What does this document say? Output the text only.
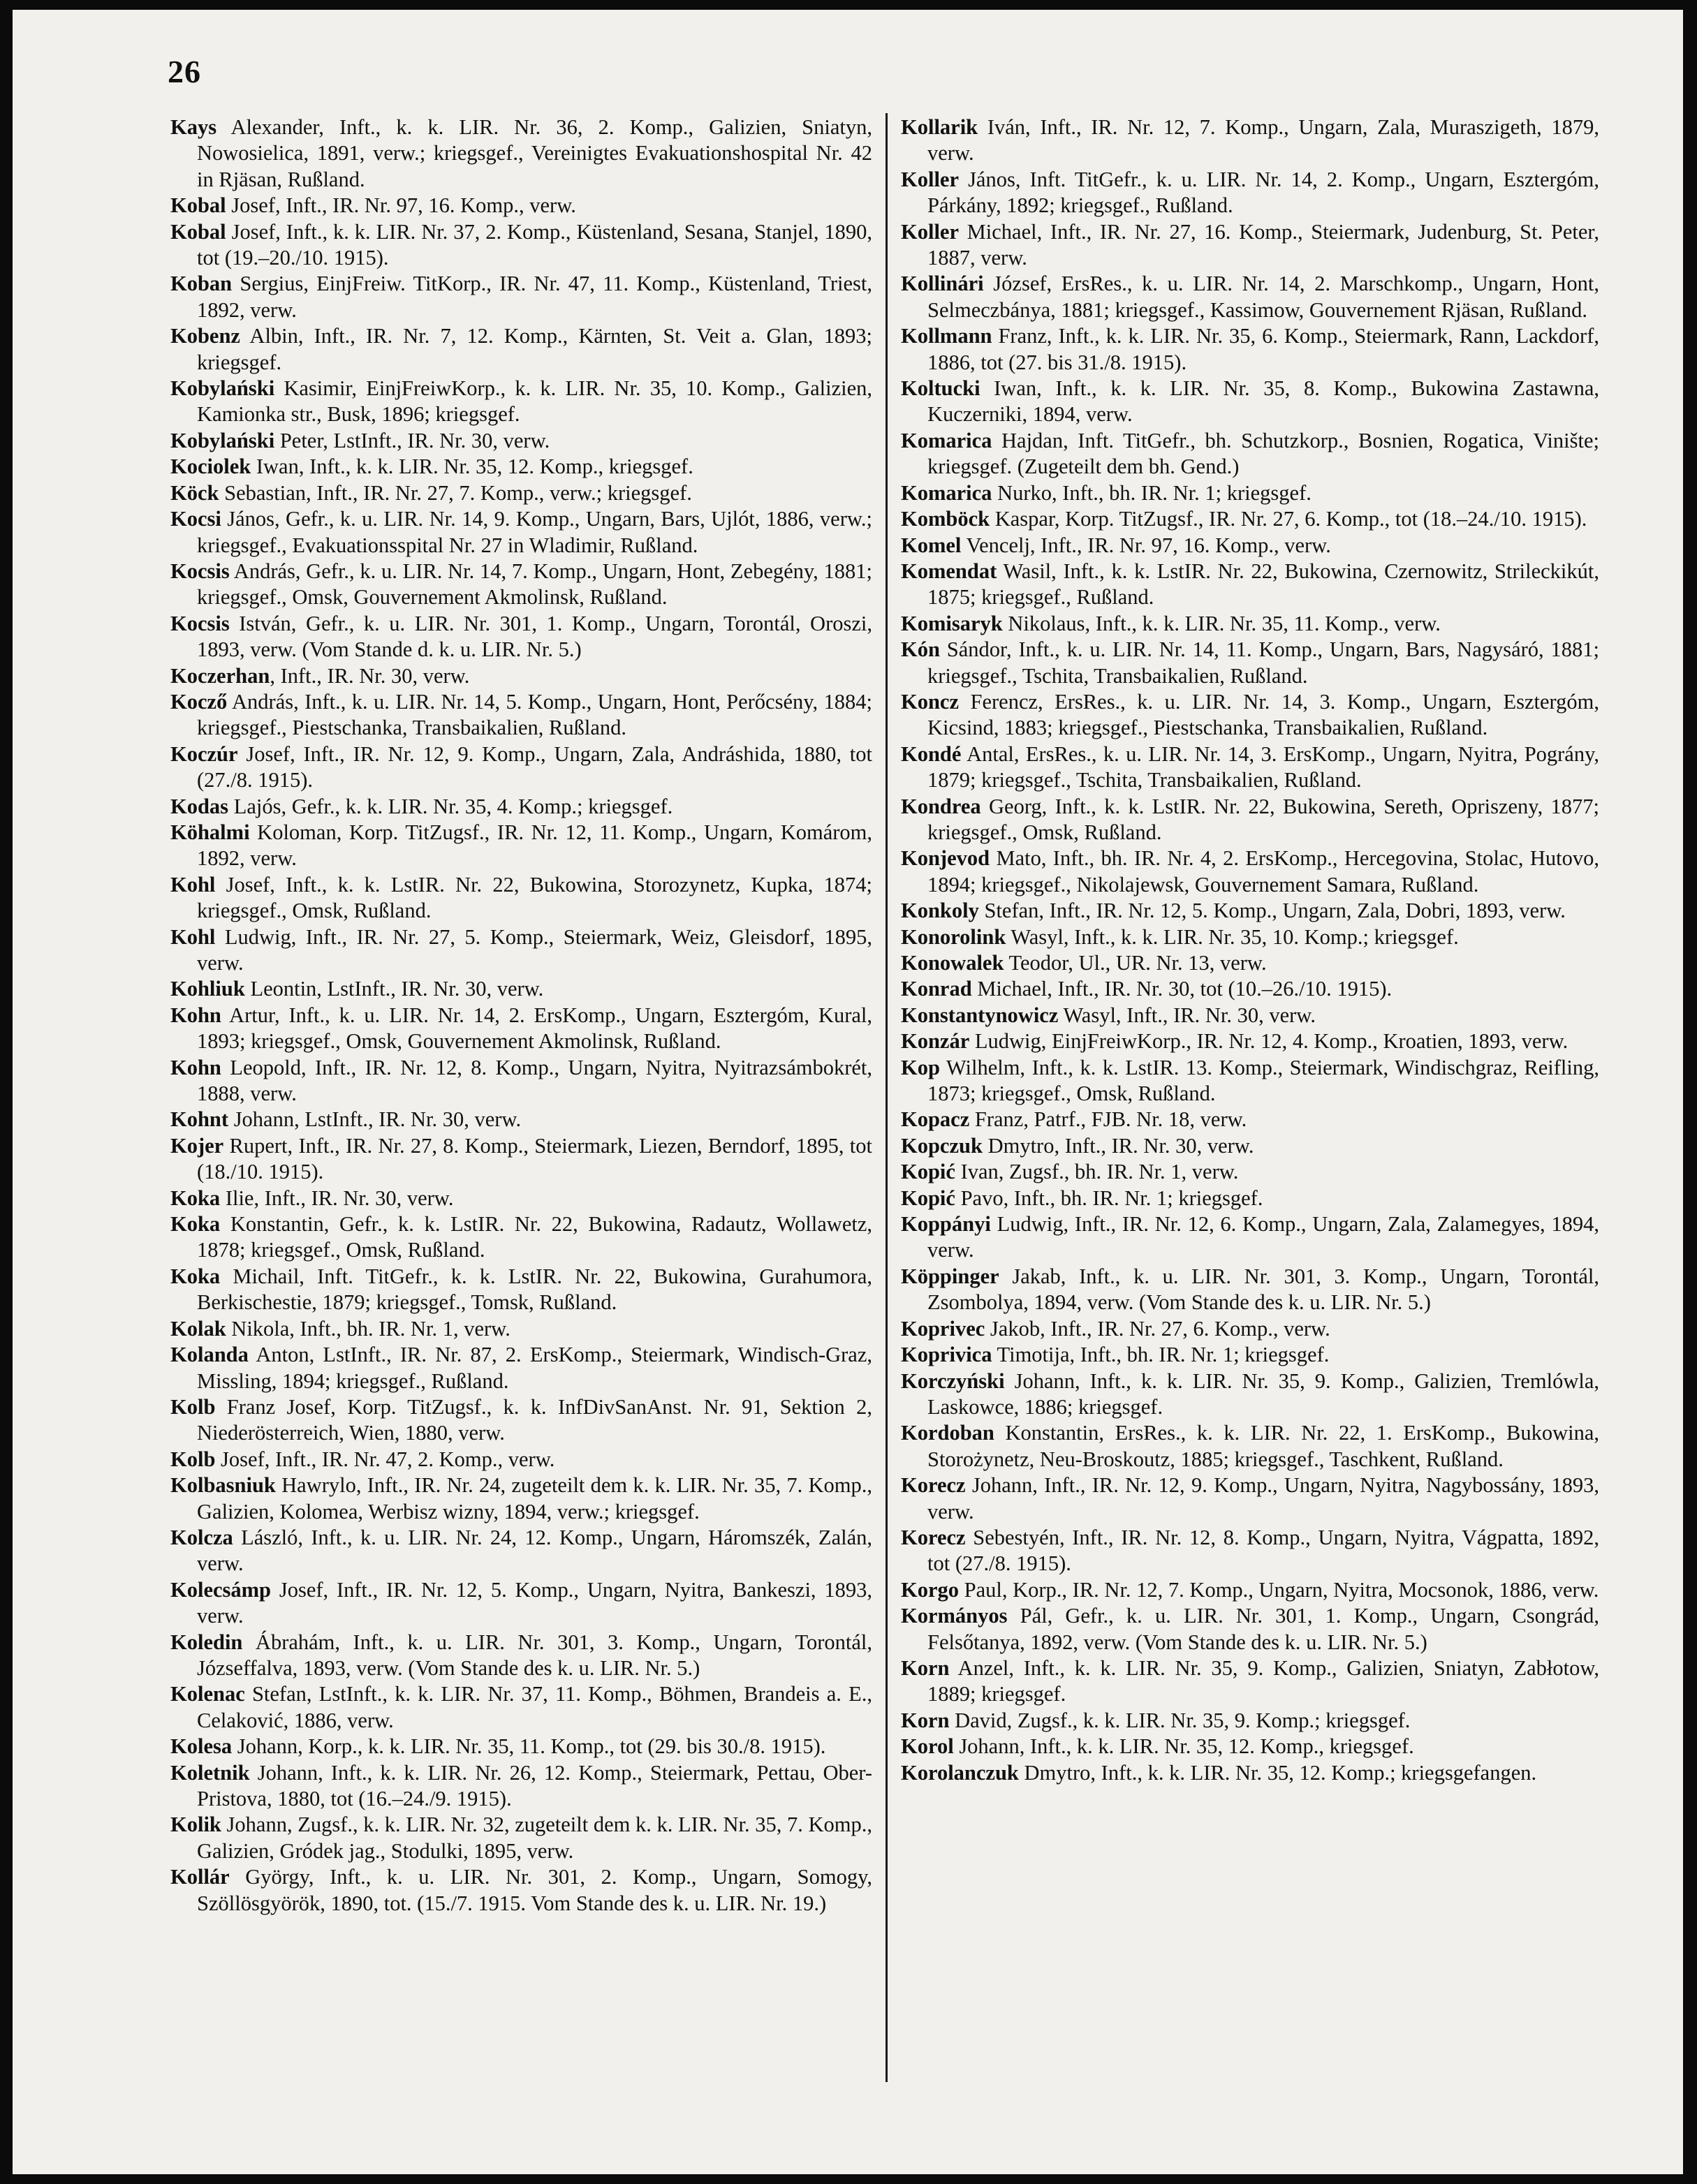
26

Kays Alexander, Inft., k. k. LIR. Nr. 36, 2. Komp., Galizien, Sniatyn, Nowosielica, 1891, verw.; kriegsgef., Vereinigtes Evakuationshospital Nr. 42 in Rjäsan, Rußland.

Kobal Josef, Inft., IR. Nr. 97, 16. Komp., verw.

Kobal Josef, Inft., k. k. LIR. Nr. 37, 2. Komp., Küstenland, Sesana, Stanjel, 1890, tot (19.–20./10. 1915).

Koban Sergius, EinjFreiw. TitKorp., IR. Nr. 47, 11. Komp., Küstenland, Triest, 1892, verw.

Kobenz Albin, Inft., IR. Nr. 7, 12. Komp., Kärnten, St. Veit a. Glan, 1893; kriegsgef.

Kobylański Kasimir, EinjFreiwKorp., k. k. LIR. Nr. 35, 10. Komp., Galizien, Kamionka str., Busk, 1896; kriegsgef.

Kobylański Peter, LstInft., IR. Nr. 30, verw.

Kociolek Iwan, Inft., k. k. LIR. Nr. 35, 12. Komp., kriegsgef.

Köck Sebastian, Inft., IR. Nr. 27, 7. Komp., verw.; kriegsgef.

Kocsi János, Gefr., k. u. LIR. Nr. 14, 9. Komp., Ungarn, Bars, Ujlót, 1886, verw.; kriegsgef., Evakuationsspital Nr. 27 in Wladimir, Rußland.

Kocsis András, Gefr., k. u. LIR. Nr. 14, 7. Komp., Ungarn, Hont, Zebegény, 1881; kriegsgef., Omsk, Gouvernement Akmolinsk, Rußland.

Kocsis István, Gefr., k. u. LIR. Nr. 301, 1. Komp., Ungarn, Torontál, Oroszi, 1893, verw. (Vom Stande d. k. u. LIR. Nr. 5.)

Koczerhan, Inft., IR. Nr. 30, verw.

Kocző András, Inft., k. u. LIR. Nr. 14, 5. Komp., Ungarn, Hont, Perőcsény, 1884; kriegsgef., Piestschanka, Transbaikalien, Rußland.

Koczúr Josef, Inft., IR. Nr. 12, 9. Komp., Ungarn, Zala, Andráshida, 1880, tot (27./8. 1915).

Kodas Lajós, Gefr., k. k. LIR. Nr. 35, 4. Komp.; kriegsgef.

Köhalmi Koloman, Korp. TitZugsf., IR. Nr. 12, 11. Komp., Ungarn, Komárom, 1892, verw.

Kohl Josef, Inft., k. k. LstIR. Nr. 22, Bukowina, Storozynetz, Kupka, 1874; kriegsgef., Omsk, Rußland.

Kohl Ludwig, Inft., IR. Nr. 27, 5. Komp., Steiermark, Weiz, Gleisdorf, 1895, verw.

Kohliuk Leontin, LstInft., IR. Nr. 30, verw.

Kohn Artur, Inft., k. u. LIR. Nr. 14, 2. ErsKomp., Ungarn, Esztergóm, Kural, 1893; kriegsgef., Omsk, Gouvernement Akmolinsk, Rußland.

Kohn Leopold, Inft., IR. Nr. 12, 8. Komp., Ungarn, Nyitra, Nyitrazsámbokrét, 1888, verw.

Kohnt Johann, LstInft., IR. Nr. 30, verw.

Kojer Rupert, Inft., IR. Nr. 27, 8. Komp., Steiermark, Liezen, Berndorf, 1895, tot (18./10. 1915).

Koka Ilie, Inft., IR. Nr. 30, verw.

Koka Konstantin, Gefr., k. k. LstIR. Nr. 22, Bukowina, Radautz, Wollawetz, 1878; kriegsgef., Omsk, Rußland.

Koka Michail, Inft. TitGefr., k. k. LstIR. Nr. 22, Bukowina, Gurahumora, Berkischestie, 1879; kriegsgef., Tomsk, Rußland.

Kolak Nikola, Inft., bh. IR. Nr. 1, verw.

Kolanda Anton, LstInft., IR. Nr. 87, 2. ErsKomp., Steiermark, Windisch-Graz, Missling, 1894; kriegsgef., Rußland.

Kolb Franz Josef, Korp. TitZugsf., k. k. InfDivSanAnst. Nr. 91, Sektion 2, Niederösterreich, Wien, 1880, verw.

Kolb Josef, Inft., IR. Nr. 47, 2. Komp., verw.

Kolbasniuk Hawrylo, Inft., IR. Nr. 24, zugeteilt dem k. k. LIR. Nr. 35, 7. Komp., Galizien, Kolomea, Werbisz wizny, 1894, verw.; kriegsgef.

Kolcza László, Inft., k. u. LIR. Nr. 24, 12. Komp., Ungarn, Háromszék, Zalán, verw.

Kolecsámp Josef, Inft., IR. Nr. 12, 5. Komp., Ungarn, Nyitra, Bankeszi, 1893, verw.

Koledin Ábrahám, Inft., k. u. LIR. Nr. 301, 3. Komp., Ungarn, Torontál, Józseffalva, 1893, verw. (Vom Stande des k. u. LIR. Nr. 5.)

Kolenac Stefan, LstInft., k. k. LIR. Nr. 37, 11. Komp., Böhmen, Brandeis a. E., Celaković, 1886, verw.

Kolesa Johann, Korp., k. k. LIR. Nr. 35, 11. Komp., tot (29. bis 30./8. 1915).

Koletnik Johann, Inft., k. k. LIR. Nr. 26, 12. Komp., Steiermark, Pettau, Ober-Pristova, 1880, tot (16.–24./9. 1915).

Kolik Johann, Zugsf., k. k. LIR. Nr. 32, zugeteilt dem k. k. LIR. Nr. 35, 7. Komp., Galizien, Gródek jag., Stodulki, 1895, verw.

Kollár György, Inft., k. u. LIR. Nr. 301, 2. Komp., Ungarn, Somogy, Szöllösgyörök, 1890, tot. (15./7. 1915. Vom Stande des k. u. LIR. Nr. 19.)

Kollarik Iván, Inft., IR. Nr. 12, 7. Komp., Ungarn, Zala, Muraszigeth, 1879, verw.

Koller János, Inft. TitGefr., k. u. LIR. Nr. 14, 2. Komp., Ungarn, Esztergóm, Párkány, 1892; kriegsgef., Rußland.

Koller Michael, Inft., IR. Nr. 27, 16. Komp., Steiermark, Judenburg, St. Peter, 1887, verw.

Kollinári József, ErsRes., k. u. LIR. Nr. 14, 2. Marschkomp., Ungarn, Hont, Selmeczbánya, 1881; kriegsgef., Kassimow, Gouvernement Rjäsan, Rußland.

Kollmann Franz, Inft., k. k. LIR. Nr. 35, 6. Komp., Steiermark, Rann, Lackdorf, 1886, tot (27. bis 31./8. 1915).

Koltucki Iwan, Inft., k. k. LIR. Nr. 35, 8. Komp., Bukowina Zastawna, Kuczerniki, 1894, verw.

Komarica Hajdan, Inft. TitGefr., bh. Schutzkorp., Bosnien, Rogatica, Vinište; kriegsgef. (Zugeteilt dem bh. Gend.)

Komarica Nurko, Inft., bh. IR. Nr. 1; kriegsgef.

Komböck Kaspar, Korp. TitZugsf., IR. Nr. 27, 6. Komp., tot (18.–24./10. 1915).

Komel Vencelj, Inft., IR. Nr. 97, 16. Komp., verw.

Komendat Wasil, Inft., k. k. LstIR. Nr. 22, Bukowina, Czernowitz, Strileckikút, 1875; kriegsgef., Rußland.

Komisaryk Nikolaus, Inft., k. k. LIR. Nr. 35, 11. Komp., verw.

Kón Sándor, Inft., k. u. LIR. Nr. 14, 11. Komp., Ungarn, Bars, Nagysáró, 1881; kriegsgef., Tschita, Transbaikalien, Rußland.

Koncz Ferencz, ErsRes., k. u. LIR. Nr. 14, 3. Komp., Ungarn, Esztergóm, Kicsind, 1883; kriegsgef., Piestschanka, Transbaikalien, Rußland.

Kondé Antal, ErsRes., k. u. LIR. Nr. 14, 3. ErsKomp., Ungarn, Nyitra, Pográny, 1879; kriegsgef., Tschita, Transbaikalien, Rußland.

Kondrea Georg, Inft., k. k. LstIR. Nr. 22, Bukowina, Sereth, Opriszeny, 1877; kriegsgef., Omsk, Rußland.

Konjevod Mato, Inft., bh. IR. Nr. 4, 2. ErsKomp., Hercegovina, Stolac, Hutovo, 1894; kriegsgef., Nikolajewsk, Gouvernement Samara, Rußland.

Konkoly Stefan, Inft., IR. Nr. 12, 5. Komp., Ungarn, Zala, Dobri, 1893, verw.

Konorolink Wasyl, Inft., k. k. LIR. Nr. 35, 10. Komp.; kriegsgef.

Konowalek Teodor, Ul., UR. Nr. 13, verw.

Konrad Michael, Inft., IR. Nr. 30, tot (10.–26./10. 1915).

Konstantynowicz Wasyl, Inft., IR. Nr. 30, verw.

Konzár Ludwig, EinjFreiwKorp., IR. Nr. 12, 4. Komp., Kroatien, 1893, verw.

Kop Wilhelm, Inft., k. k. LstIR. 13. Komp., Steiermark, Windischgraz, Reifling, 1873; kriegsgef., Omsk, Rußland.

Kopacz Franz, Patrf., FJB. Nr. 18, verw.

Kopczuk Dmytro, Inft., IR. Nr. 30, verw.

Kopić Ivan, Zugsf., bh. IR. Nr. 1, verw.

Kopić Pavo, Inft., bh. IR. Nr. 1; kriegsgef.

Koppányi Ludwig, Inft., IR. Nr. 12, 6. Komp., Ungarn, Zala, Zalamegyes, 1894, verw.

Köppinger Jakab, Inft., k. u. LIR. Nr. 301, 3. Komp., Ungarn, Torontál, Zsombolya, 1894, verw. (Vom Stande des k. u. LIR. Nr. 5.)

Koprivec Jakob, Inft., IR. Nr. 27, 6. Komp., verw.

Koprivica Timotija, Inft., bh. IR. Nr. 1; kriegsgef.

Korczyński Johann, Inft., k. k. LIR. Nr. 35, 9. Komp., Galizien, Tremlówla, Laskowce, 1886; kriegsgef.

Kordoban Konstantin, ErsRes., k. k. LIR. Nr. 22, 1. ErsKomp., Bukowina, Storożynetz, Neu-Broskoutz, 1885; kriegsgef., Taschkent, Rußland.

Korecz Johann, Inft., IR. Nr. 12, 9. Komp., Ungarn, Nyitra, Nagybossány, 1893, verw.

Korecz Sebestyén, Inft., IR. Nr. 12, 8. Komp., Ungarn, Nyitra, Vágpatta, 1892, tot (27./8. 1915).

Korgo Paul, Korp., IR. Nr. 12, 7. Komp., Ungarn, Nyitra, Mocsonok, 1886, verw.

Kormányos Pál, Gefr., k. u. LIR. Nr. 301, 1. Komp., Ungarn, Csongrád, Felsőtanya, 1892, verw. (Vom Stande des k. u. LIR. Nr. 5.)

Korn Anzel, Inft., k. k. LIR. Nr. 35, 9. Komp., Galizien, Sniatyn, Zabłotow, 1889; kriegsgef.

Korn David, Zugsf., k. k. LIR. Nr. 35, 9. Komp.; kriegsgef.

Korol Johann, Inft., k. k. LIR. Nr. 35, 12. Komp., kriegsgef.

Korolanczuk Dmytro, Inft., k. k. LIR. Nr. 35, 12. Komp.; kriegsgefangen.
